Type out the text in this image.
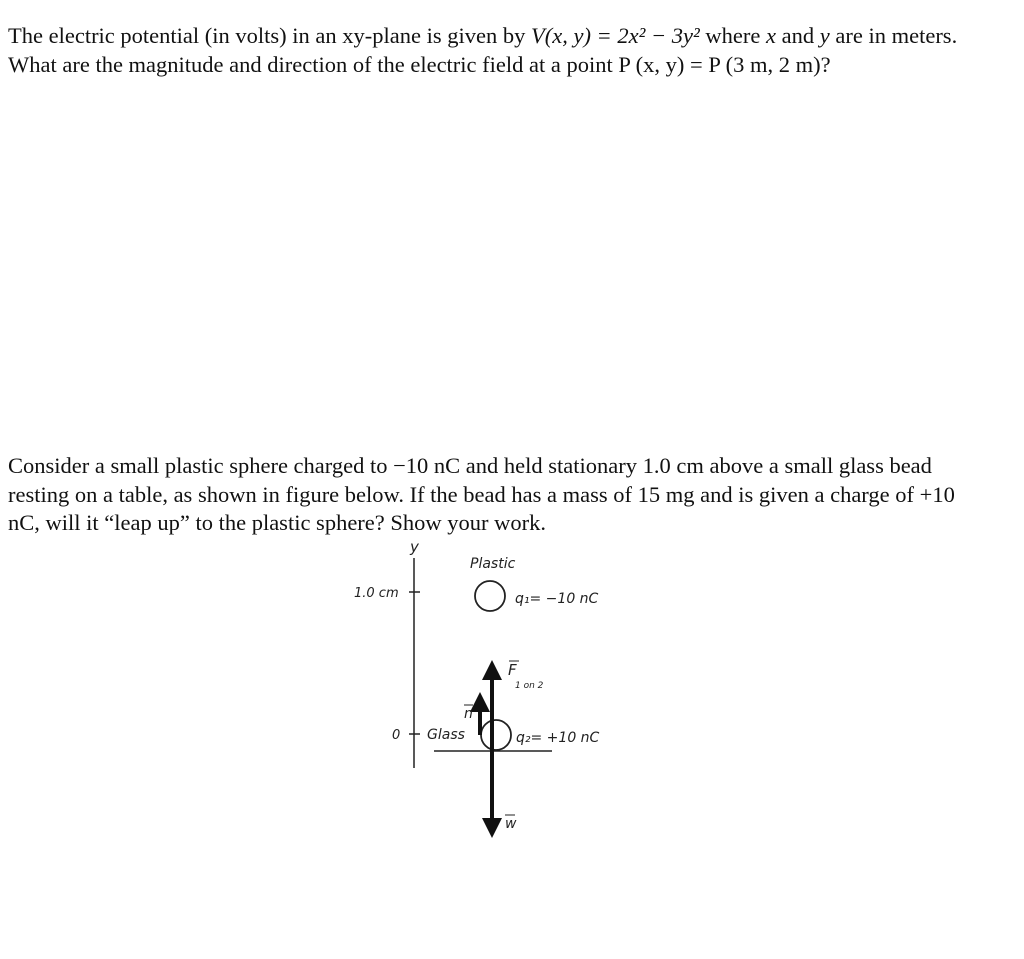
The electric potential (in volts) in an xy-plane is given by V(x, y) = 2x² − 3y² where x and y are in meters. What are the magnitude and direction of the electric field at a point P (x, y) = P (3 m, 2 m)?

Consider a small plastic sphere charged to −10 nC and held stationary 1.0 cm above a small glass bead resting on a table, as shown in figure below. If the bead has a mass of 15 mg and is given a charge of +10 nC, will it “leap up” to the plastic sphere? Show your work.

y
1.0 cm
0
Plastic
q₁= −10 nC
Glass	q₂= +10 nC
F
1 on 2
n
w
